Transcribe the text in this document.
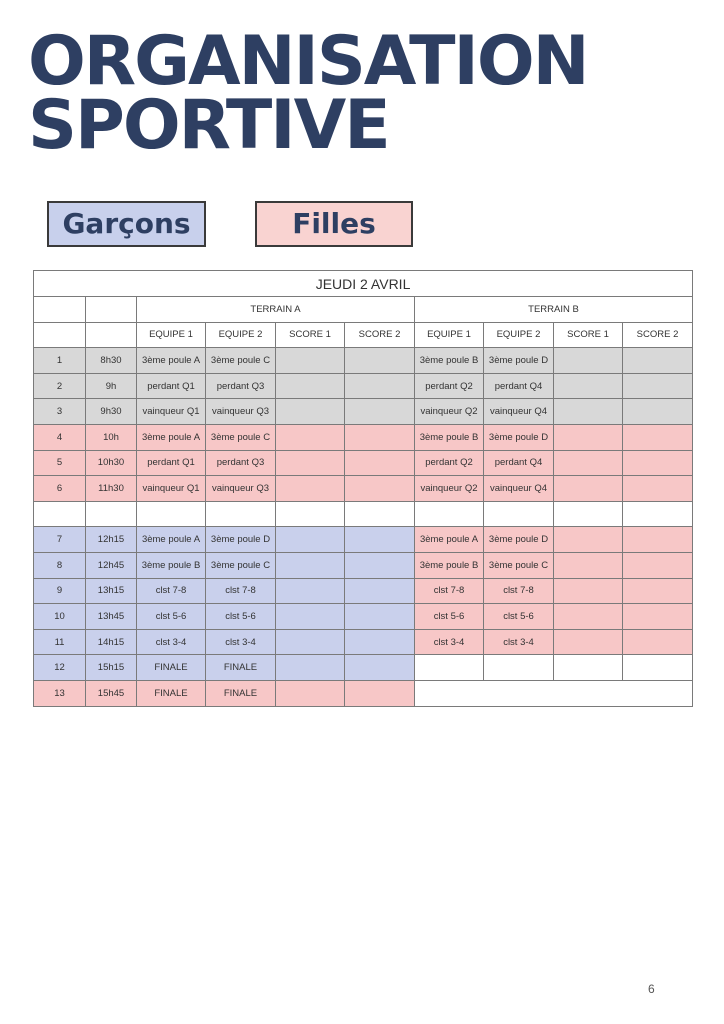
ORGANISATION
SPORTIVE
Garçons	Filles
JEUDI 2 AVRIL									
		TERRAIN A				TERRAIN B			
		EQUIPE 1	EQUIPE 2	SCORE 1	SCORE 2	EQUIPE 1	EQUIPE 2	SCORE 1	SCORE 2
1	8h30	3ème poule A	3ème poule C			3ème poule B	3ème poule D		
2	9h	perdant Q1	perdant Q3			perdant Q2	perdant Q4		
3	9h30	vainqueur Q1	vainqueur Q3			vainqueur Q2	vainqueur Q4		
4	10h	3ème poule A	3ème poule C			3ème poule B	3ème poule D		
5	10h30	perdant Q1	perdant Q3			perdant Q2	perdant Q4		
6	11h30	vainqueur Q1	vainqueur Q3			vainqueur Q2	vainqueur Q4		

7	12h15	3ème poule A	3ème poule D			3ème poule A	3ème poule D		
8	12h45	3ème poule B	3ème poule C			3ème poule B	3ème poule C		
9	13h15	clst 7-8	clst 7-8			clst 7-8	clst 7-8		
10	13h45	clst 5-6	clst 5-6			clst 5-6	clst 5-6		
11	14h15	clst 3-4	clst 3-4			clst 3-4	clst 3-4		
12	15h15	FINALE	FINALE						
13	15h45	FINALE	FINALE						
6
